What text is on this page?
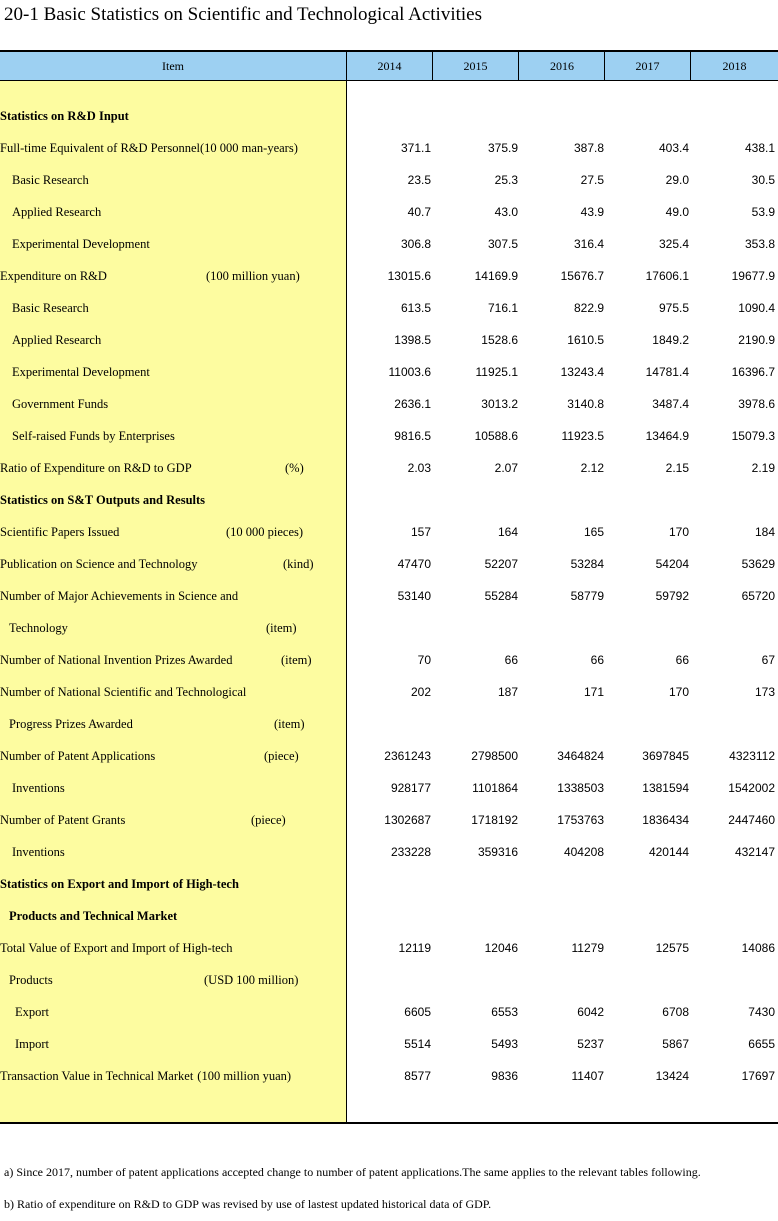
20-1 Basic Statistics on Scientific and Technological Activities
Item	2014	2015	2016	2017	2018
Statistics on R&D Input
Full-time Equivalent of R&D Personnel(10 000 man-years)	371.1	375.9	387.8	403.4	438.1
Basic Research	23.5	25.3	27.5	29.0	30.5
Applied Research	40.7	43.0	43.9	49.0	53.9
Experimental Development	306.8	307.5	316.4	325.4	353.8
Expenditure on R&D	(100 million yuan)	13015.6	14169.9	15676.7	17606.1	19677.9
Basic Research	613.5	716.1	822.9	975.5	1090.4
Applied Research	1398.5	1528.6	1610.5	1849.2	2190.9
Experimental Development	11003.6	11925.1	13243.4	14781.4	16396.7
Government Funds	2636.1	3013.2	3140.8	3487.4	3978.6
Self-raised Funds by Enterprises	9816.5	10588.6	11923.5	13464.9	15079.3
Ratio of Expenditure on R&D to GDP	(%)	2.03	2.07	2.12	2.15	2.19
Statistics on S&T Outputs and Results
Scientific Papers Issued	(10 000 pieces)	157	164	165	170	184
Publication on Science and Technology	(kind)	47470	52207	53284	54204	53629
Number of Major Achievements in Science and	53140	55284	58779	59792	65720
Technology	(item)
Number of National Invention Prizes Awarded	(item)	70	66	66	66	67
Number of National Scientific and Technological	202	187	171	170	173
Progress Prizes Awarded	(item)
Number of Patent Applications	(piece)	2361243	2798500	3464824	3697845	4323112
Inventions	928177	1101864	1338503	1381594	1542002
Number of Patent Grants	(piece)	1302687	1718192	1753763	1836434	2447460
Inventions	233228	359316	404208	420144	432147
Statistics on Export and Import of High-tech
Products and Technical Market
Total Value of Export and Import of High-tech	12119	12046	11279	12575	14086
Products	(USD 100 million)
Export	6605	6553	6042	6708	7430
Import	5514	5493	5237	5867	6655
Transaction Value in Technical Market (100 million yuan)	8577	9836	11407	13424	17697
a) Since 2017, number of patent applications accepted change to number of patent applications.The same applies to the relevant tables following.
b) Ratio of expenditure on R&D to GDP was revised by use of lastest updated historical data of GDP.
